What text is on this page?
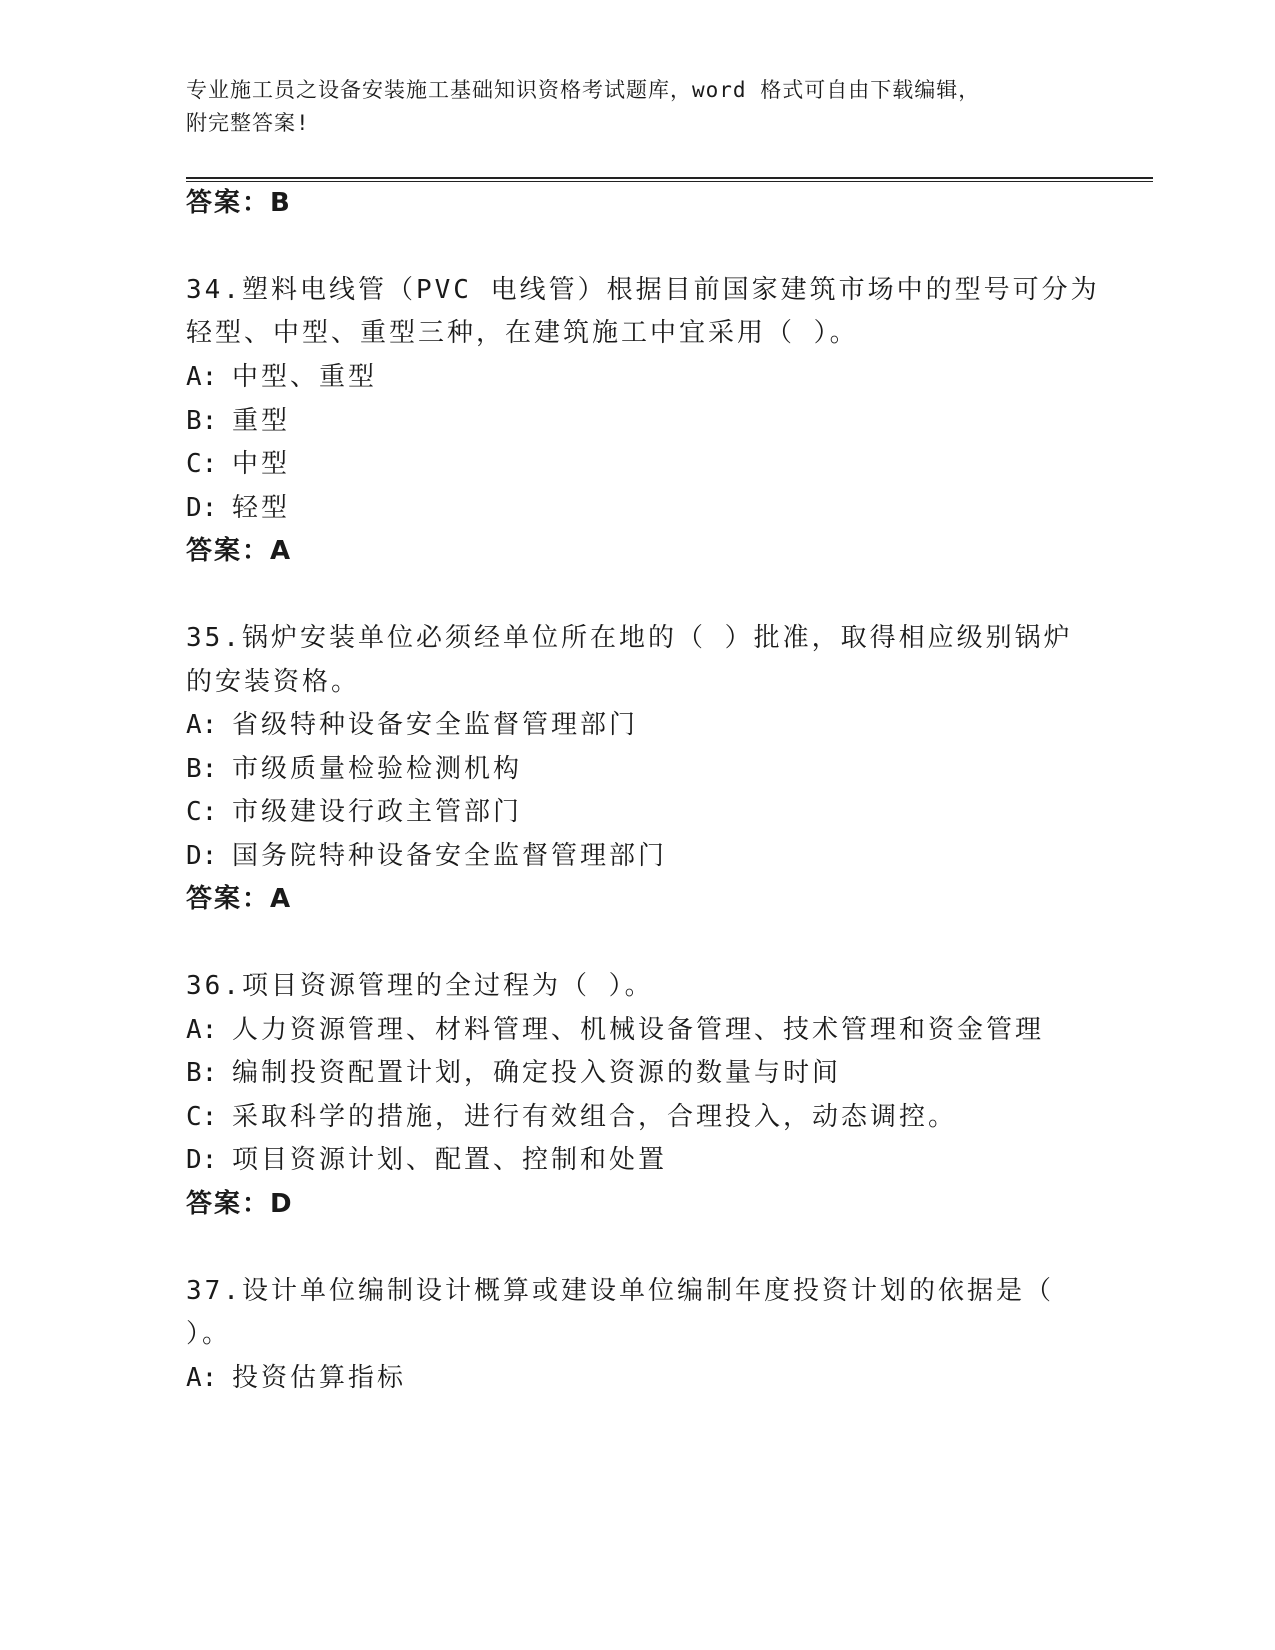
专业施工员之设备安装施工基础知识资格考试题库，word 格式可自由下载编辑，
附完整答案!
答案：B
34.塑料电线管（PVC 电线管）根据目前国家建筑市场中的型号可分为
轻型、中型、重型三种，在建筑施工中宜采用（ ）。
A: 中型、重型
B: 重型
C: 中型
D: 轻型
答案：A
35.锅炉安装单位必须经单位所在地的（ ）批准，取得相应级别锅炉
的安装资格。
A: 省级特种设备安全监督管理部门
B: 市级质量检验检测机构
C: 市级建设行政主管部门
D: 国务院特种设备安全监督管理部门
答案：A
36.项目资源管理的全过程为（ ）。
A: 人力资源管理、材料管理、机械设备管理、技术管理和资金管理
B: 编制投资配置计划，确定投入资源的数量与时间
C: 采取科学的措施，进行有效组合，合理投入，动态调控。
D: 项目资源计划、配置、控制和处置
答案：D
37.设计单位编制设计概算或建设单位编制年度投资计划的依据是（
）。
A: 投资估算指标
